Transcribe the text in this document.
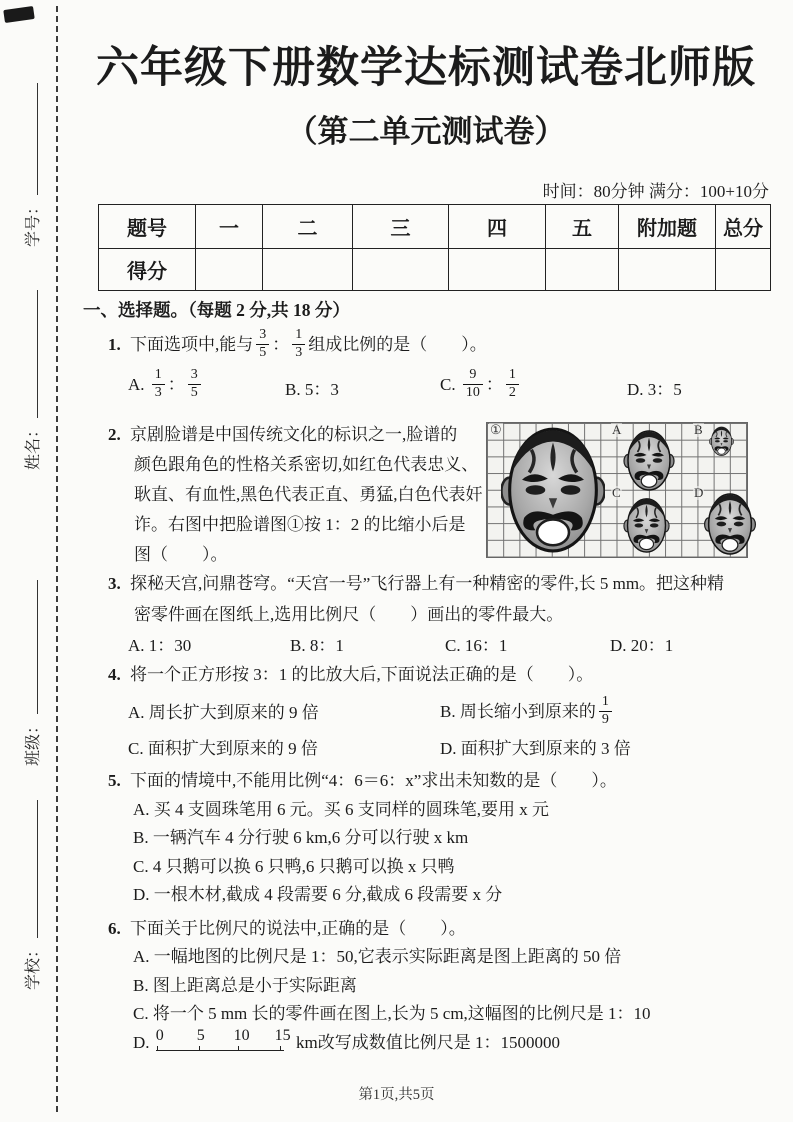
学号：
姓名：
班级：
学校：
六年级下册数学达标测试卷北师版
（第二单元测试卷）
时间：80分钟 满分：100+10分
题号	一	二	三	四	五	附加题	总分
得分							
一、选择题。（每题 2 分,共 18 分）
1. 下面选项中,能与 $\frac{3}{5}$ ： $\frac{1}{3}$ 组成比例的是（　　）。
A.
$\frac{1}{3}$ ： $\frac{3}{5}$	B. 5：3	C.
$\frac{9}{10}$ ： $\frac{1}{2}$	D. 3：5
2. 京剧脸谱是中国传统文化的标识之一,脸谱的
颜色跟角色的性格关系密切,如红色代表忠义、
耿直、有血性,黑色代表正直、勇猛,白色代表奸
诈。右图中把脸谱图①按 1：2 的比缩小后是
图（　　）。
①	A	B
C	D
3. 探秘天宫,问鼎苍穹。“天宫一号”飞行器上有一种精密的零件,长 5 mm。把这种精
密零件画在图纸上,选用比例尺（　　）画出的零件最大。
A. 1：30	B. 8：1	C. 16：1	D. 20：1
4. 将一个正方形按 3：1 的比放大后,下面说法正确的是（　　）。
A. 周长扩大到原来的 9 倍	B. 周长缩小到原来的 $\frac{1}{9}$
C. 面积扩大到原来的 9 倍	D. 面积扩大到原来的 3 倍
5. 下面的情境中,不能用比例“4：6＝6：x”求出未知数的是（　　）。
A. 买 4 支圆珠笔用 6 元。买 6 支同样的圆珠笔,要用 x 元
B. 一辆汽车 4 分行驶 6 km,6 分可以行驶 x km
C. 4 只鹅可以换 6 只鸭,6 只鹅可以换 x 只鸭
D. 一根木材,截成 4 段需要 6 分,截成 6 段需要 x 分
6. 下面关于比例尺的说法中,正确的是（　　）。
A. 一幅地图的比例尺是 1：50,它表示实际距离是图上距离的 50 倍
B. 图上距离总是小于实际距离
C. 将一个 5 mm 长的零件画在图上,长为 5 cm,这幅图的比例尺是 1：10
D. 0 5 10 15 km改写成数值比例尺是 1：1500000
第1页,共5页
